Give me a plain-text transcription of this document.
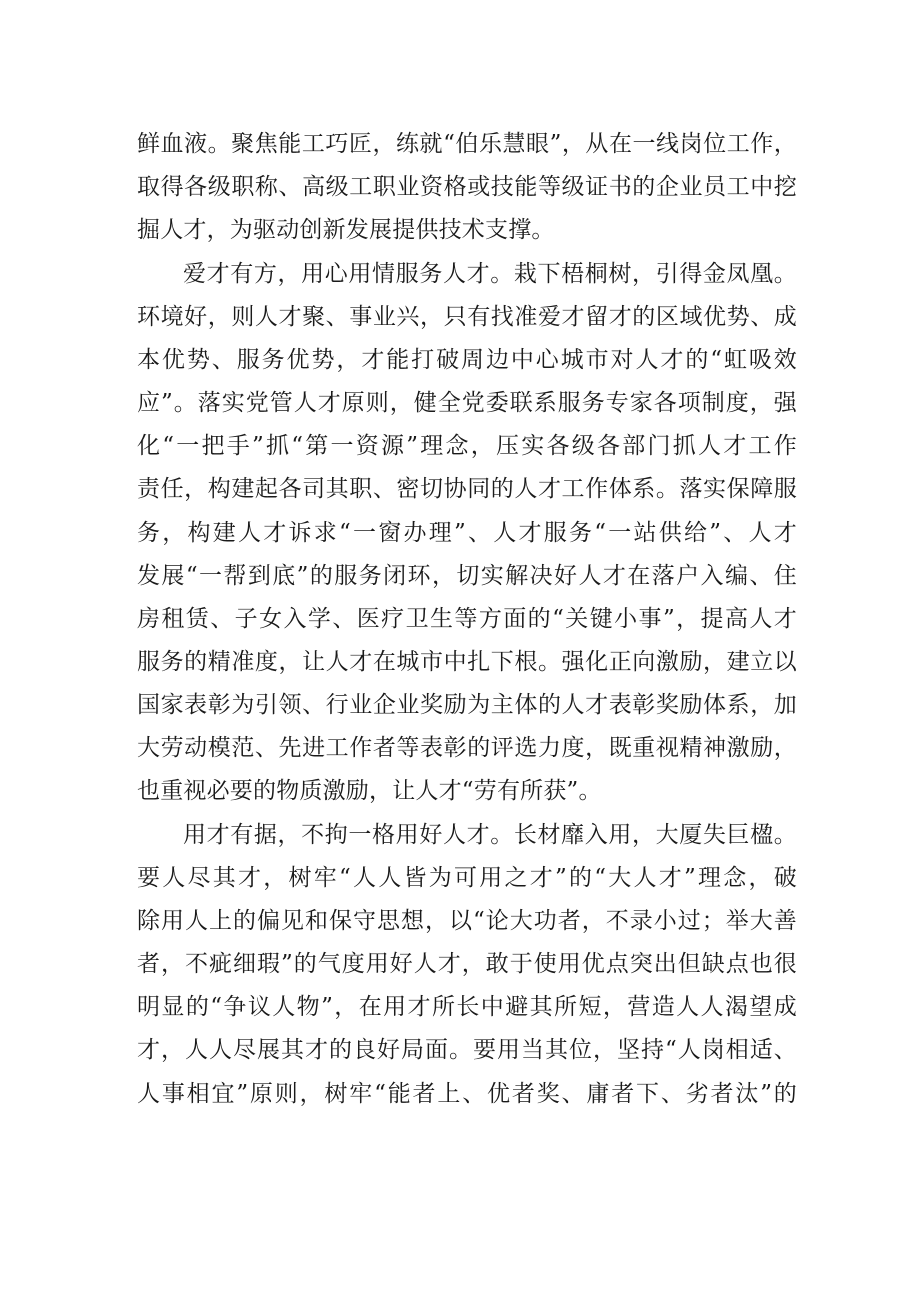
鲜血液。聚焦能工巧匠，练就“伯乐慧眼”，从在一线岗位工作，
取得各级职称、高级工职业资格或技能等级证书的企业员工中挖
掘人才，为驱动创新发展提供技术支撑。
爱才有方，用心用情服务人才。栽下梧桐树，引得金凤凰。
环境好，则人才聚、事业兴，只有找准爱才留才的区域优势、成
本优势、服务优势，才能打破周边中心城市对人才的“虹吸效
应”。落实党管人才原则，健全党委联系服务专家各项制度，强
化“一把手”抓“第一资源”理念，压实各级各部门抓人才工作
责任，构建起各司其职、密切协同的人才工作体系。落实保障服
务，构建人才诉求“一窗办理”、人才服务“一站供给”、人才
发展“一帮到底”的服务闭环，切实解决好人才在落户入编、住
房租赁、子女入学、医疗卫生等方面的“关键小事”，提高人才
服务的精准度，让人才在城市中扎下根。强化正向激励，建立以
国家表彰为引领、行业企业奖励为主体的人才表彰奖励体系，加
大劳动模范、先进工作者等表彰的评选力度，既重视精神激励，
也重视必要的物质激励，让人才“劳有所获”。
用才有据，不拘一格用好人才。长材靡入用，大厦失巨楹。
要人尽其才，树牢“人人皆为可用之才”的“大人才”理念，破
除用人上的偏见和保守思想，以“论大功者，不录小过；举大善
者，不疵细瑕”的气度用好人才，敢于使用优点突出但缺点也很
明显的“争议人物”，在用才所长中避其所短，营造人人渴望成
才，人人尽展其才的良好局面。要用当其位，坚持“人岗相适、
人事相宜”原则，树牢“能者上、优者奖、庸者下、劣者汰”的
